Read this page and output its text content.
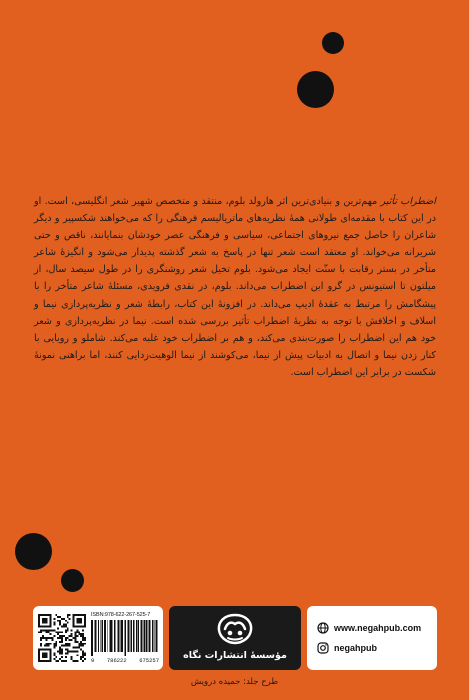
اضطراب تأثیر مهم‌ترین و بنیادی‌ترین اثر هارولد بلوم، منتقد و متخصص شهیر شعر انگلیسی، است. او در این کتاب با مقدمه‌ای طولانی همهٔ نظریه‌های ماتریالیسم فرهنگی را که می‌خواهند شکسپیر و دیگر شاعران را حاصل جمع نیروهای اجتماعی، سیاسی و فرهنگی عصر خودشان بنمایانند، ناقص و حتی شریرانه می‌خواند. او معتقد است شعر تنها در پاسخ به شعر گذشته پدیدار می‌شود و انگیزهٔ شاعر متأخر در بستر رقابت با سنّت ایجاد می‌شود. بلوم تخیل شعر روشنگری را در طول سیصد سال، از میلتون تا استیونس در گرو این اضطراب می‌داند. بلوم، در نقدی فرویدی، مسئلهٔ شاعر متأخر را با پیشگامش را مرتبط به عقدهٔ ادیپ می‌داند. در افزونهٔ این کتاب، رابطهٔ شعر و نظریه‌پردازی نیما و اسلاف و اخلافش با توجه به نظریهٔ اضطراب تأثیر بررسی شده است. نیما در نظریه‌پردازی و شعر خود هم این اضطراب را صورت‌بندی می‌کند، و هم بر اضطراب خود غلبه می‌کند. شاملو و رویایی با کنار زدن نیما و اتصال به ادبیات پیش از نیما، می‌کوشند از نیما الوهیت‌زدایی کنند، اما براهنی نمونهٔ شکست در برابر این اضطراب است.
ISBN:978-622-267-525-7
9 786222 675257	مؤسسهٔ انتشارات نگاه
www.negahpub.com
negahpub
طرح جلد: حمیده درویش
